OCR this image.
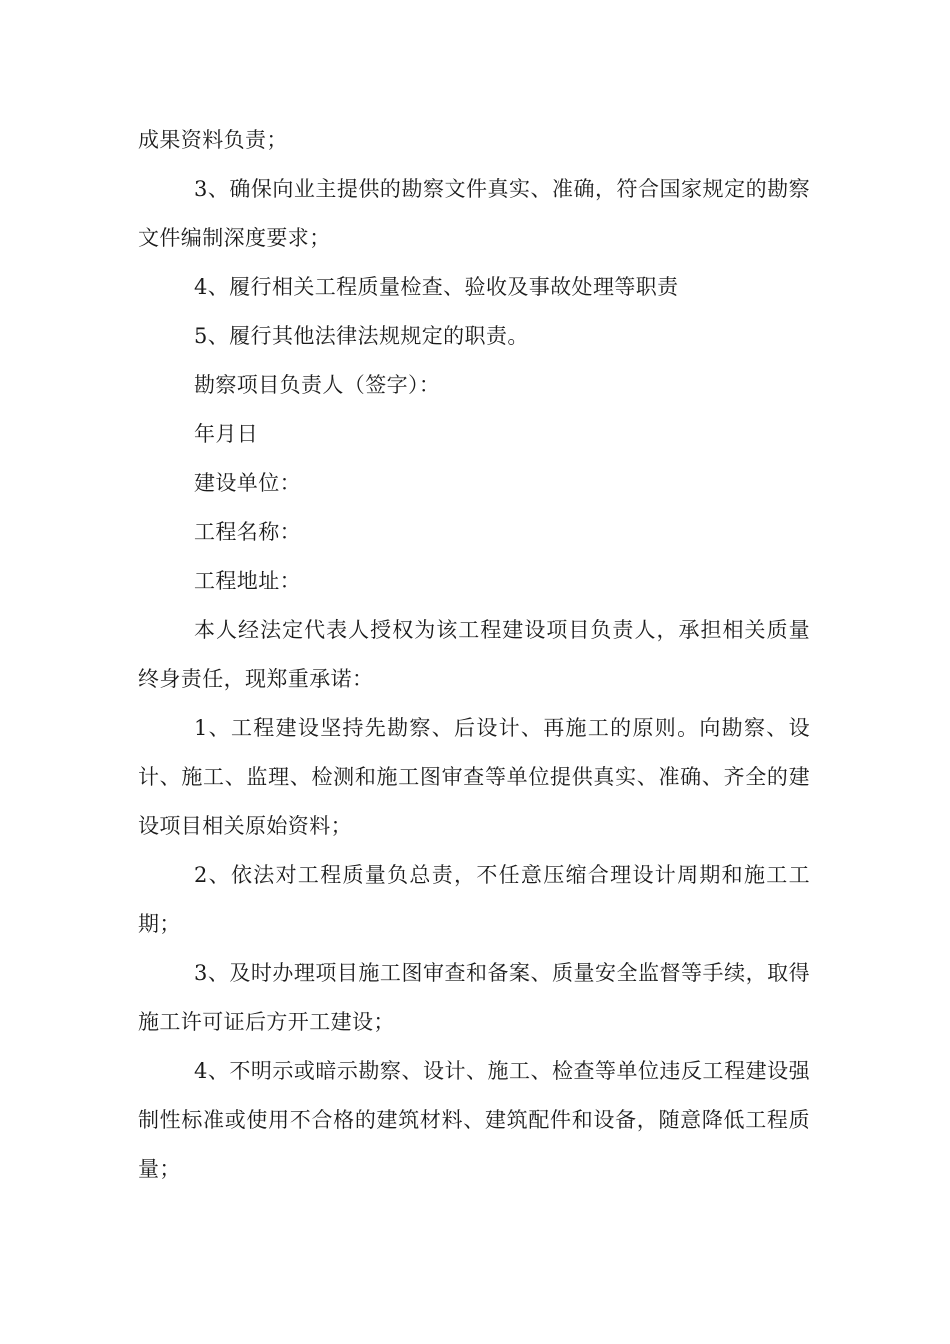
成果资料负责；

3、确保向业主提供的勘察文件真实、准确，符合国家规定的勘察文件编制深度要求；

4、履行相关工程质量检查、验收及事故处理等职责

5、履行其他法律法规规定的职责。

勘察项目负责人（签字）：

年月日

建设单位：

工程名称：

工程地址：

本人经法定代表人授权为该工程建设项目负责人，承担相关质量终身责任，现郑重承诺：

1、工程建设坚持先勘察、后设计、再施工的原则。向勘察、设计、施工、监理、检测和施工图审查等单位提供真实、准确、齐全的建设项目相关原始资料；

2、依法对工程质量负总责，不任意压缩合理设计周期和施工工期；

3、及时办理项目施工图审查和备案、质量安全监督等手续，取得施工许可证后方开工建设；

4、不明示或暗示勘察、设计、施工、检查等单位违反工程建设强制性标准或使用不合格的建筑材料、建筑配件和设备，随意降低工程质量；
